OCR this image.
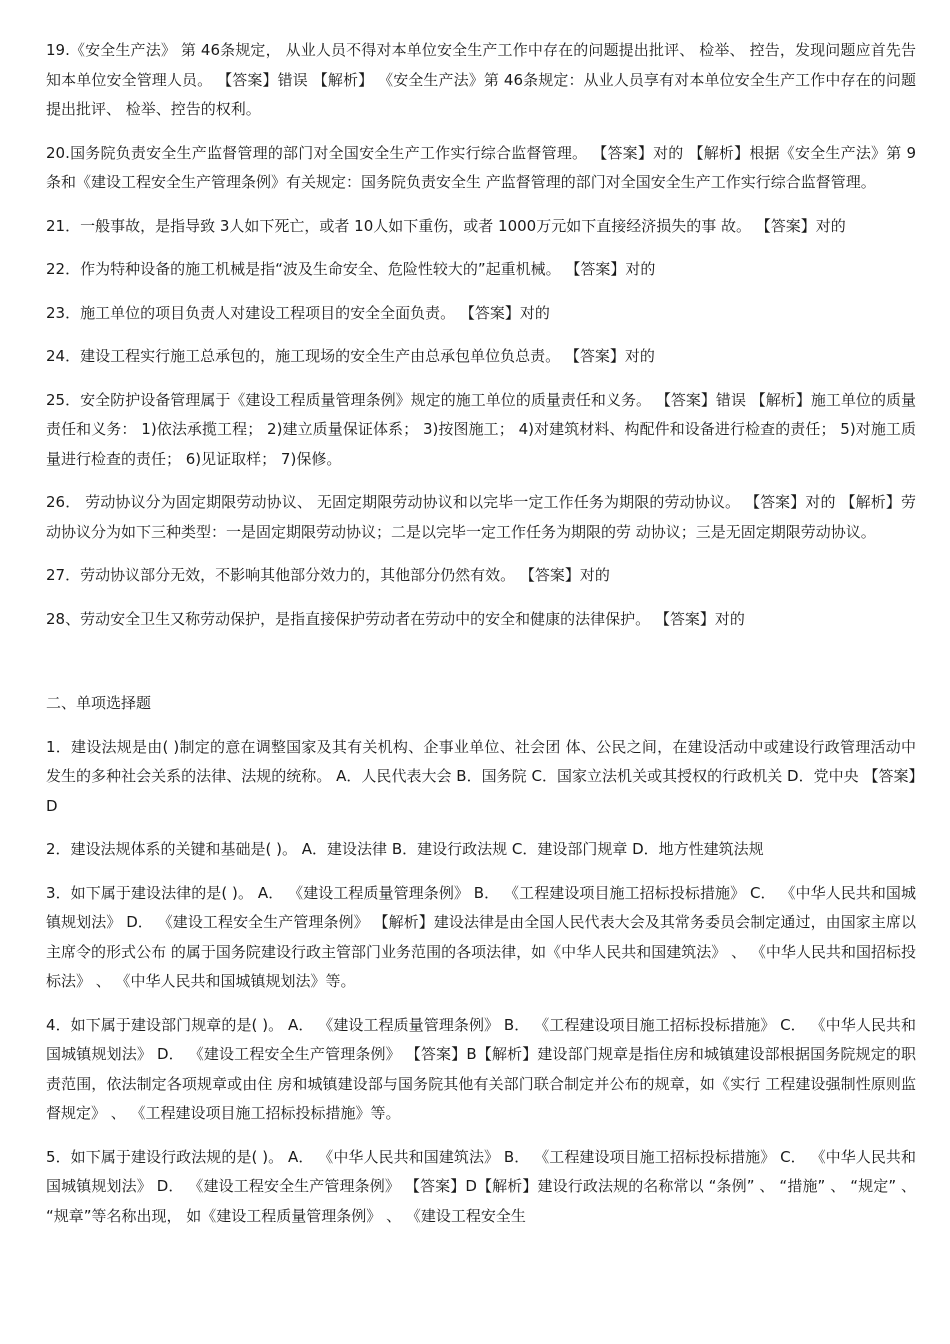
19.《安全生产法》 第 46条规定， 从业人员不得对本单位安全生产工作中存在的问题提出批评、 检举、 控告，发现问题应首先告知本单位安全管理人员。 【答案】错误 【解析】 《安全生产法》第 46条规定：从业人员享有对本单位安全生产工作中存在的问题提出批评、 检举、控告的权利。

20.国务院负责安全生产监督管理的部门对全国安全生产工作实行综合监督管理。 【答案】对的 【解析】根据《安全生产法》第 9条和《建设工程安全生产管理条例》有关规定：国务院负责安全生 产监督管理的部门对全国安全生产工作实行综合监督管理。

21．一般事故，是指导致 3人如下死亡，或者 10人如下重伤，或者 1000万元如下直接经济损失的事 故。 【答案】对的

22．作为特种设备的施工机械是指“波及生命安全、危险性较大的”起重机械。 【答案】对的

23．施工单位的项目负责人对建设工程项目的安全全面负责。 【答案】对的

24．建设工程实行施工总承包的，施工现场的安全生产由总承包单位负总责。 【答案】对的

25．安全防护设备管理属于《建设工程质量管理条例》规定的施工单位的质量责任和义务。 【答案】错误 【解析】施工单位的质量责任和义务： 1)依法承揽工程； 2)建立质量保证体系； 3)按图施工； 4)对建筑材料、构配件和设备进行检查的责任； 5)对施工质量进行检查的责任； 6)见证取样； 7)保修。

26． 劳动协议分为固定期限劳动协议、 无固定期限劳动协议和以完毕一定工作任务为期限的劳动协议。 【答案】对的 【解析】劳动协议分为如下三种类型：一是固定期限劳动协议；二是以完毕一定工作任务为期限的劳 动协议；三是无固定期限劳动协议。

27．劳动协议部分无效，不影响其他部分效力的，其他部分仍然有效。 【答案】对的

28、劳动安全卫生又称劳动保护，是指直接保护劳动者在劳动中的安全和健康的法律保护。 【答案】对的

二、单项选择题

1．建设法规是由( )制定的意在调整国家及其有关机构、企事业单位、社会团 体、公民之间，在建设活动中或建设行政管理活动中发生的多种社会关系的法律、法规的统称。 A．人民代表大会 B．国务院 C．国家立法机关或其授权的行政机关 D．党中央 【答案】D

2．建设法规体系的关键和基础是( )。 A．建设法律 B．建设行政法规 C．建设部门规章 D．地方性建筑法规

3．如下属于建设法律的是( )。 A． 《建设工程质量管理条例》 B． 《工程建设项目施工招标投标措施》 C． 《中华人民共和国城镇规划法》 D． 《建设工程安全生产管理条例》 【解析】建设法律是由全国人民代表大会及其常务委员会制定通过，由国家主席以主席令的形式公布 的属于国务院建设行政主管部门业务范围的各项法律，如《中华人民共和国建筑法》 、 《中华人民共和国招标投 标法》 、 《中华人民共和国城镇规划法》等。

4．如下属于建设部门规章的是( )。 A． 《建设工程质量管理条例》 B． 《工程建设项目施工招标投标措施》 C． 《中华人民共和国城镇规划法》 D． 《建设工程安全生产管理条例》 【答案】B【解析】建设部门规章是指住房和城镇建设部根据国务院规定的职责范围，依法制定各项规章或由住 房和城镇建设部与国务院其他有关部门联合制定并公布的规章，如《实行 工程建设强制性原则监督规定》 、 《工程建设项目施工招标投标措施》等。

5．如下属于建设行政法规的是( )。 A． 《中华人民共和国建筑法》 B． 《工程建设项目施工招标投标措施》 C． 《中华人民共和国城镇规划法》 D． 《建设工程安全生产管理条例》 【答案】D【解析】建设行政法规的名称常以 “条例” 、 “措施” 、 “规定” 、 “规章”等名称出现， 如《建设工程质量管理条例》 、 《建设工程安全生
